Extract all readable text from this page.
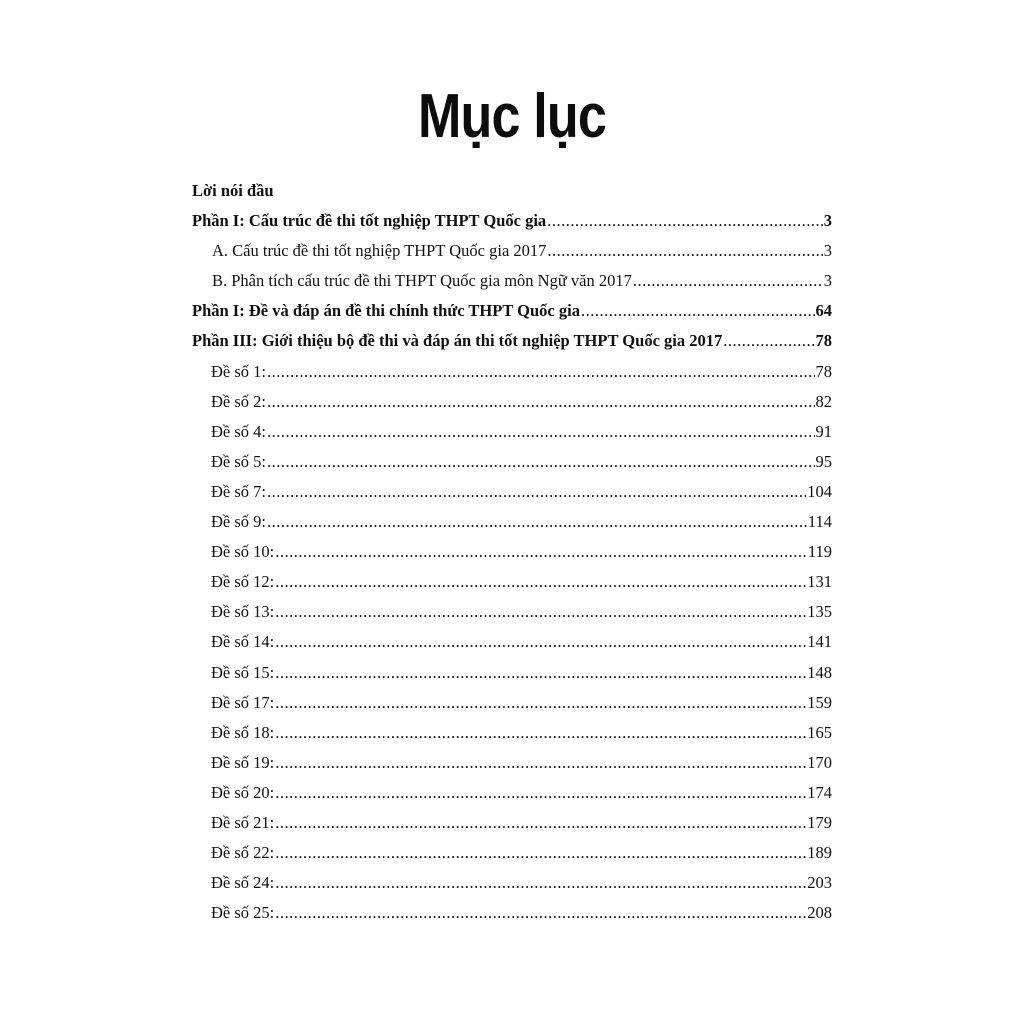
Mục lục
Lời nói đầu
Phần I: Cấu trúc đề thi tốt nghiệp THPT Quốc gia .....	3
A. Cấu trúc đề thi tốt nghiệp THPT Quốc gia 2017 .....	3
B. Phân tích cấu trúc đề thi THPT Quốc gia môn Ngữ văn 2017 .....	3
Phần I: Đề và đáp án đề thi chính thức THPT Quốc gia .....	64
Phần III: Giới thiệu bộ đề thi và đáp án thi tốt nghiệp THPT Quốc gia 2017 .....	78
Đề số 1: .....	78
Đề số 2: .....	82
Đề số 4: .....	91
Đề số 5: .....	95
Đề số 7: .....	104
Đề số 9: .....	114
Đề số 10: .....	119
Đề số 12: .....	131
Đề số 13: .....	135
Đề số 14: .....	141
Đề số 15: .....	148
Đề số 17: .....	159
Đề số 18: .....	165
Đề số 19: .....	170
Đề số 20: .....	174
Đề số 21: .....	179
Đề số 22: .....	189
Đề số 24: .....	203
Đề số 25: .....	208
